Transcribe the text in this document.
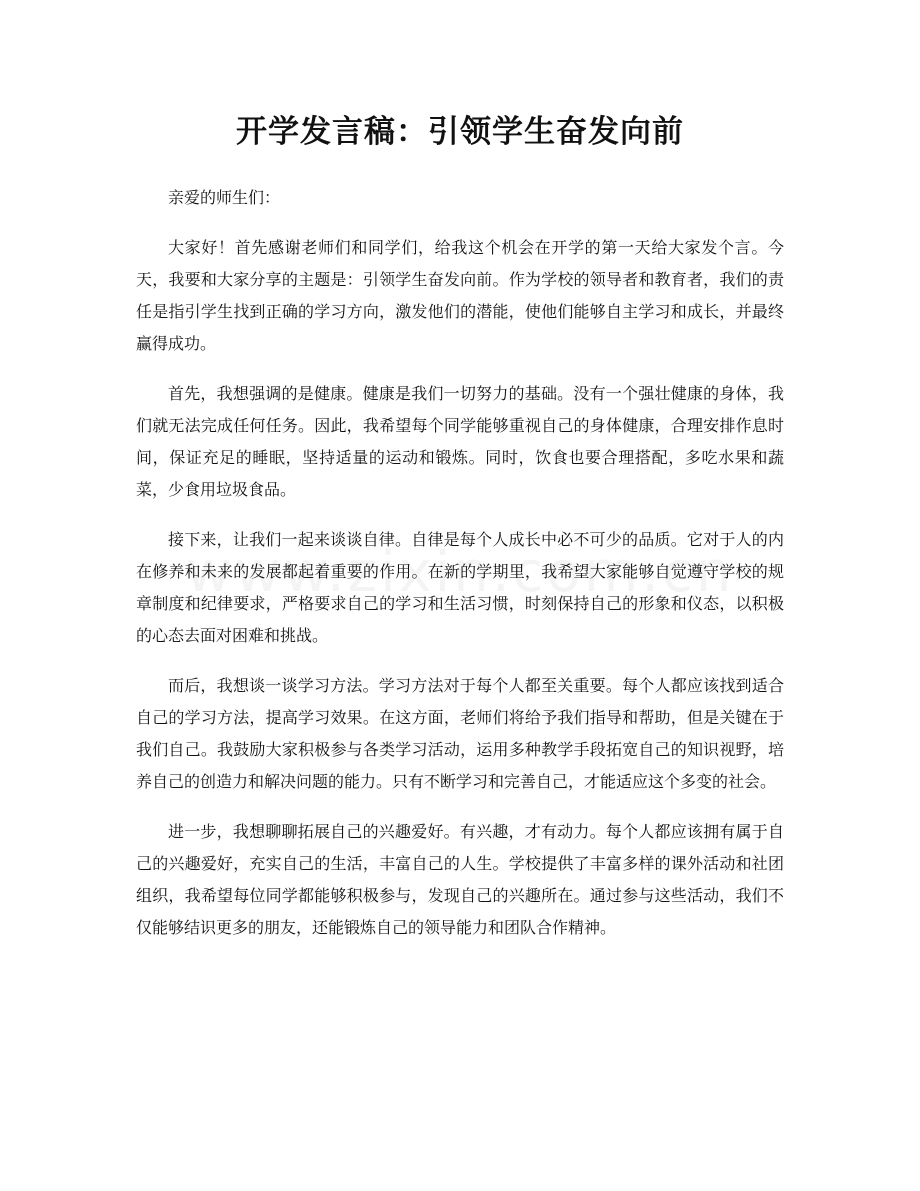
开学发言稿：引领学生奋发向前

亲爱的师生们：

大家好！首先感谢老师们和同学们，给我这个机会在开学的第一天给大家发个言。今天，我要和大家分享的主题是：引领学生奋发向前。作为学校的领导者和教育者，我们的责任是指引学生找到正确的学习方向，激发他们的潜能，使他们能够自主学习和成长，并最终赢得成功。

首先，我想强调的是健康。健康是我们一切努力的基础。没有一个强壮健康的身体，我们就无法完成任何任务。因此，我希望每个同学能够重视自己的身体健康，合理安排作息时间，保证充足的睡眠，坚持适量的运动和锻炼。同时，饮食也要合理搭配，多吃水果和蔬菜，少食用垃圾食品。

接下来，让我们一起来谈谈自律。自律是每个人成长中必不可少的品质。它对于人的内在修养和未来的发展都起着重要的作用。在新的学期里，我希望大家能够自觉遵守学校的规章制度和纪律要求，严格要求自己的学习和生活习惯，时刻保持自己的形象和仪态，以积极的心态去面对困难和挑战。

而后，我想谈一谈学习方法。学习方法对于每个人都至关重要。每个人都应该找到适合自己的学习方法，提高学习效果。在这方面，老师们将给予我们指导和帮助，但是关键在于我们自己。我鼓励大家积极参与各类学习活动，运用多种教学手段拓宽自己的知识视野，培养自己的创造力和解决问题的能力。只有不断学习和完善自己，才能适应这个多变的社会。

进一步，我想聊聊拓展自己的兴趣爱好。有兴趣，才有动力。每个人都应该拥有属于自己的兴趣爱好，充实自己的生活，丰富自己的人生。学校提供了丰富多样的课外活动和社团组织，我希望每位同学都能够积极参与，发现自己的兴趣所在。通过参与这些活动，我们不仅能够结识更多的朋友，还能锻炼自己的领导能力和团队合作精神。
